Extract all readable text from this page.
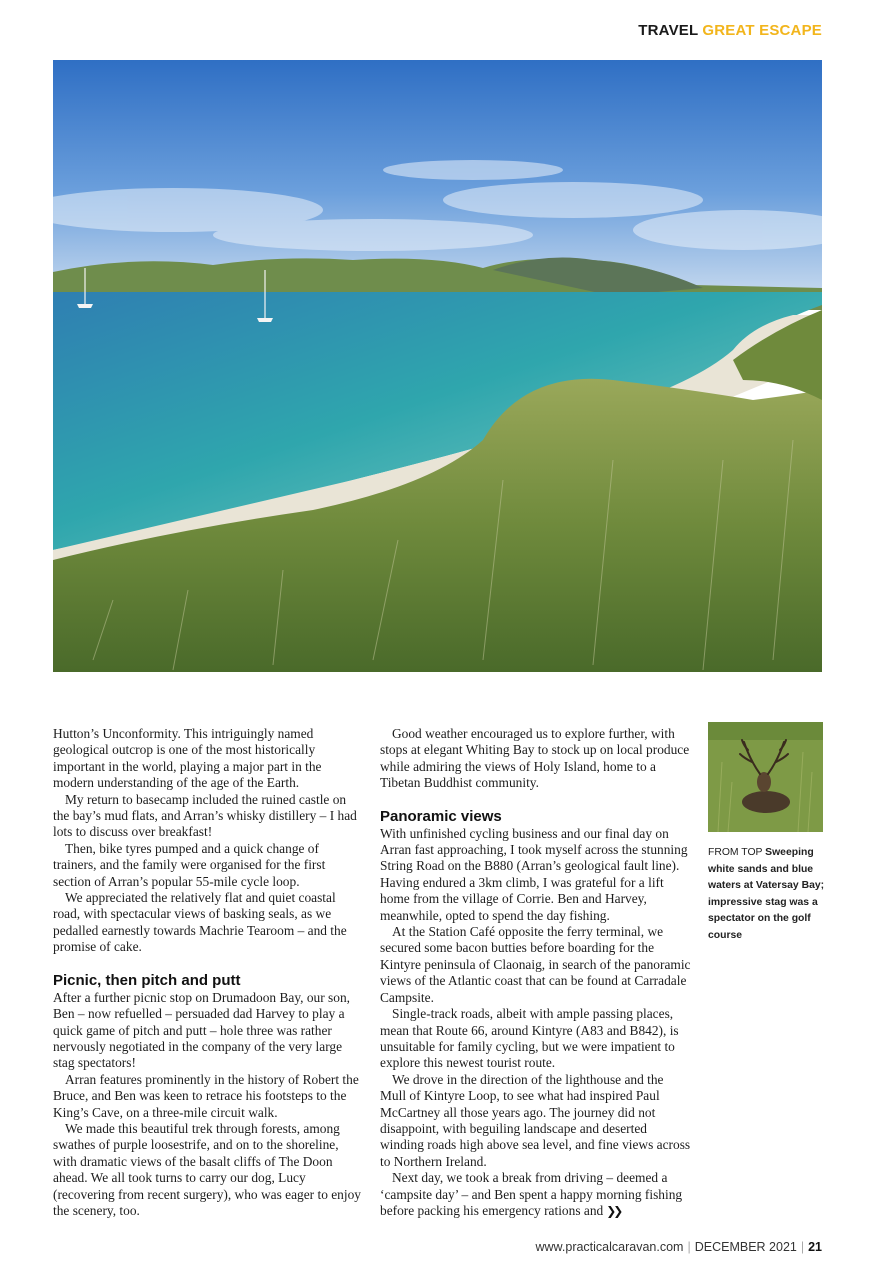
TRAVEL GREAT ESCAPE

Hutton’s Unconformity. This intriguingly named geological outcrop is one of the most historically important in the world, playing a major part in the modern understanding of the age of the Earth.

My return to basecamp included the ruined castle on the bay’s mud flats, and Arran’s whisky distillery – I had lots to discuss over breakfast!

Then, bike tyres pumped and a quick change of trainers, and the family were organised for the first section of Arran’s popular 55-mile cycle loop.

We appreciated the relatively flat and quiet coastal road, with spectacular views of basking seals, as we pedalled earnestly towards Machrie Tearoom – and the promise of cake.

Picnic, then pitch and putt

After a further picnic stop on Drumadoon Bay, our son, Ben – now refuelled – persuaded dad Harvey to play a quick game of pitch and putt – hole three was rather nervously negotiated in the company of the very large stag spectators!

Arran features prominently in the history of Robert the Bruce, and Ben was keen to retrace his footsteps to the King’s Cave, on a three-mile circuit walk.

We made this beautiful trek through forests, among swathes of purple loosestrife, and on to the shoreline, with dramatic views of the basalt cliffs of The Doon ahead. We all took turns to carry our dog, Lucy (recovering from recent surgery), who was eager to enjoy the scenery, too.

Good weather encouraged us to explore further, with stops at elegant Whiting Bay to stock up on local produce while admiring the views of Holy Island, home to a Tibetan Buddhist community.

Panoramic views

With unfinished cycling business and our final day on Arran fast approaching, I took myself across the stunning String Road on the B880 (Arran’s geological fault line). Having endured a 3km climb, I was grateful for a lift home from the village of Corrie. Ben and Harvey, meanwhile, opted to spend the day fishing.

At the Station Café opposite the ferry terminal, we secured some bacon butties before boarding for the Kintyre peninsula of Claonaig, in search of the panoramic views of the Atlantic coast that can be found at Carradale Campsite.

Single-track roads, albeit with ample passing places, mean that Route 66, around Kintyre (A83 and B842), is unsuitable for family cycling, but we were impatient to explore this newest tourist route.

We drove in the direction of the lighthouse and the Mull of Kintyre Loop, to see what had inspired Paul McCartney all those years ago. The journey did not disappoint, with beguiling landscape and deserted winding roads high above sea level, and fine views across to Northern Ireland.

Next day, we took a break from driving – deemed a ‘campsite day’ – and Ben spent a happy morning fishing before packing his emergency rations and ❯❯

FROM TOP Sweeping white sands and blue waters at Vatersay Bay; impressive stag was a spectator on the golf course
www.practicalcaravan.com | DECEMBER 2021 | 21
